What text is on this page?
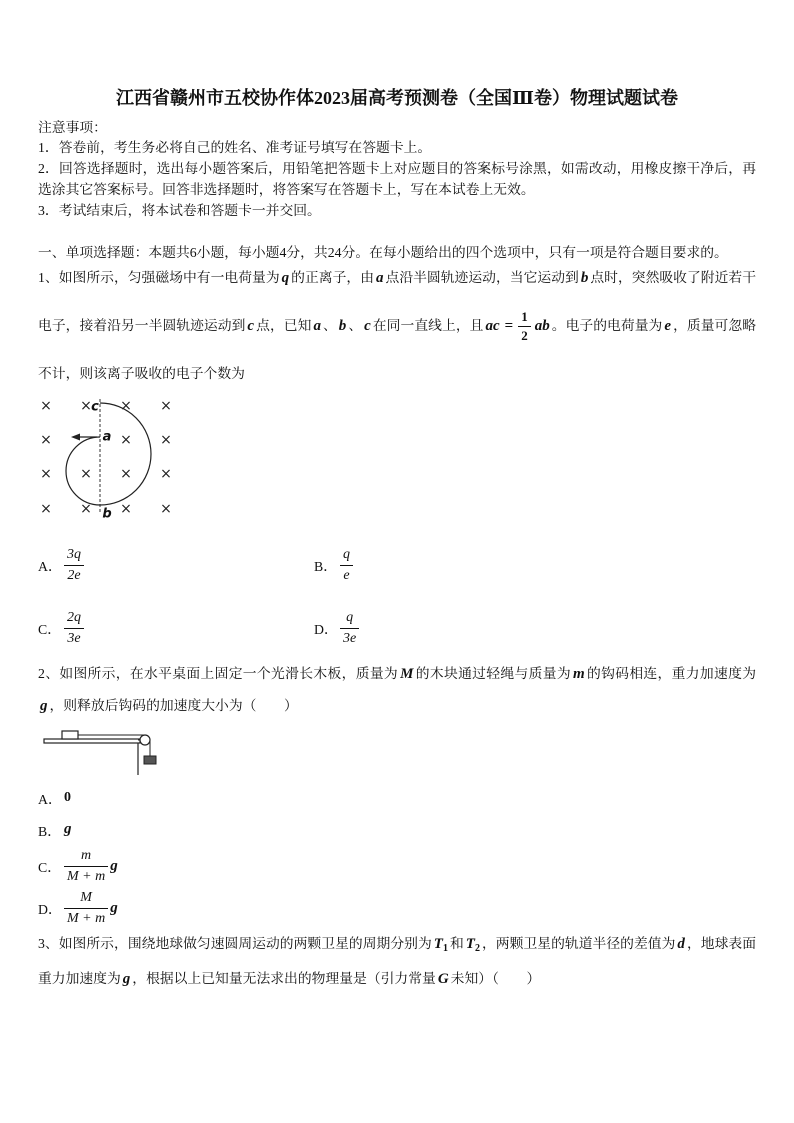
江西省赣州市五校协作体2023届高考预测卷（全国Ⅲ卷）物理试题试卷
注意事项：
1．答卷前，考生务必将自己的姓名、准考证号填写在答题卡上。
2．回答选择题时，选出每小题答案后，用铅笔把答题卡上对应题目的答案标号涂黑，如需改动，用橡皮擦干净后，再选涂其它答案标号。回答非选择题时，将答案写在答题卡上，写在本试卷上无效。
3．考试结束后，将本试卷和答题卡一并交回。
一、单项选择题：本题共6小题，每小题4分，共24分。在每小题给出的四个选项中，只有一项是符合题目要求的。
1、如图所示，匀强磁场中有一电荷量为 q 的正离子，由 a 点沿半圆轨迹运动，当它运动到 b 点时，突然吸收了附近若干电子，接着沿另一半圆轨迹运动到 c 点，已知 a 、 b 、 c 在同一直线上，且 ac = $\frac{1}{2}$ ab 。电子的电荷量为 e ，质量可忽略不计，则该离子吸收的电子个数为
× × × ×
×	× ×
× × × ×
× × × ×
c
a
b
A． $\frac{3q}{2e}$	B． $\frac{q}{e}$
C． $\frac{2q}{3e}$	D． $\frac{q}{3e}$
2、如图所示，在水平桌面上固定一个光滑长木板，质量为 M 的木块通过轻绳与质量为 m 的钩码相连，重力加速度为g ，则释放后钩码的加速度大小为（　　）
A． 0
B． g
C． $\frac{m}{M + m}$ g
D． $\frac{M}{M + m}$ g
3、如图所示，围绕地球做匀速圆周运动的两颗卫星的周期分别为 $T_1$ 和 $T_2$ ，两颗卫星的轨道半径的差值为 d ，地球表面重力加速度为 g ，根据以上已知量无法求出的物理量是（引力常量 G 未知）（　　）
